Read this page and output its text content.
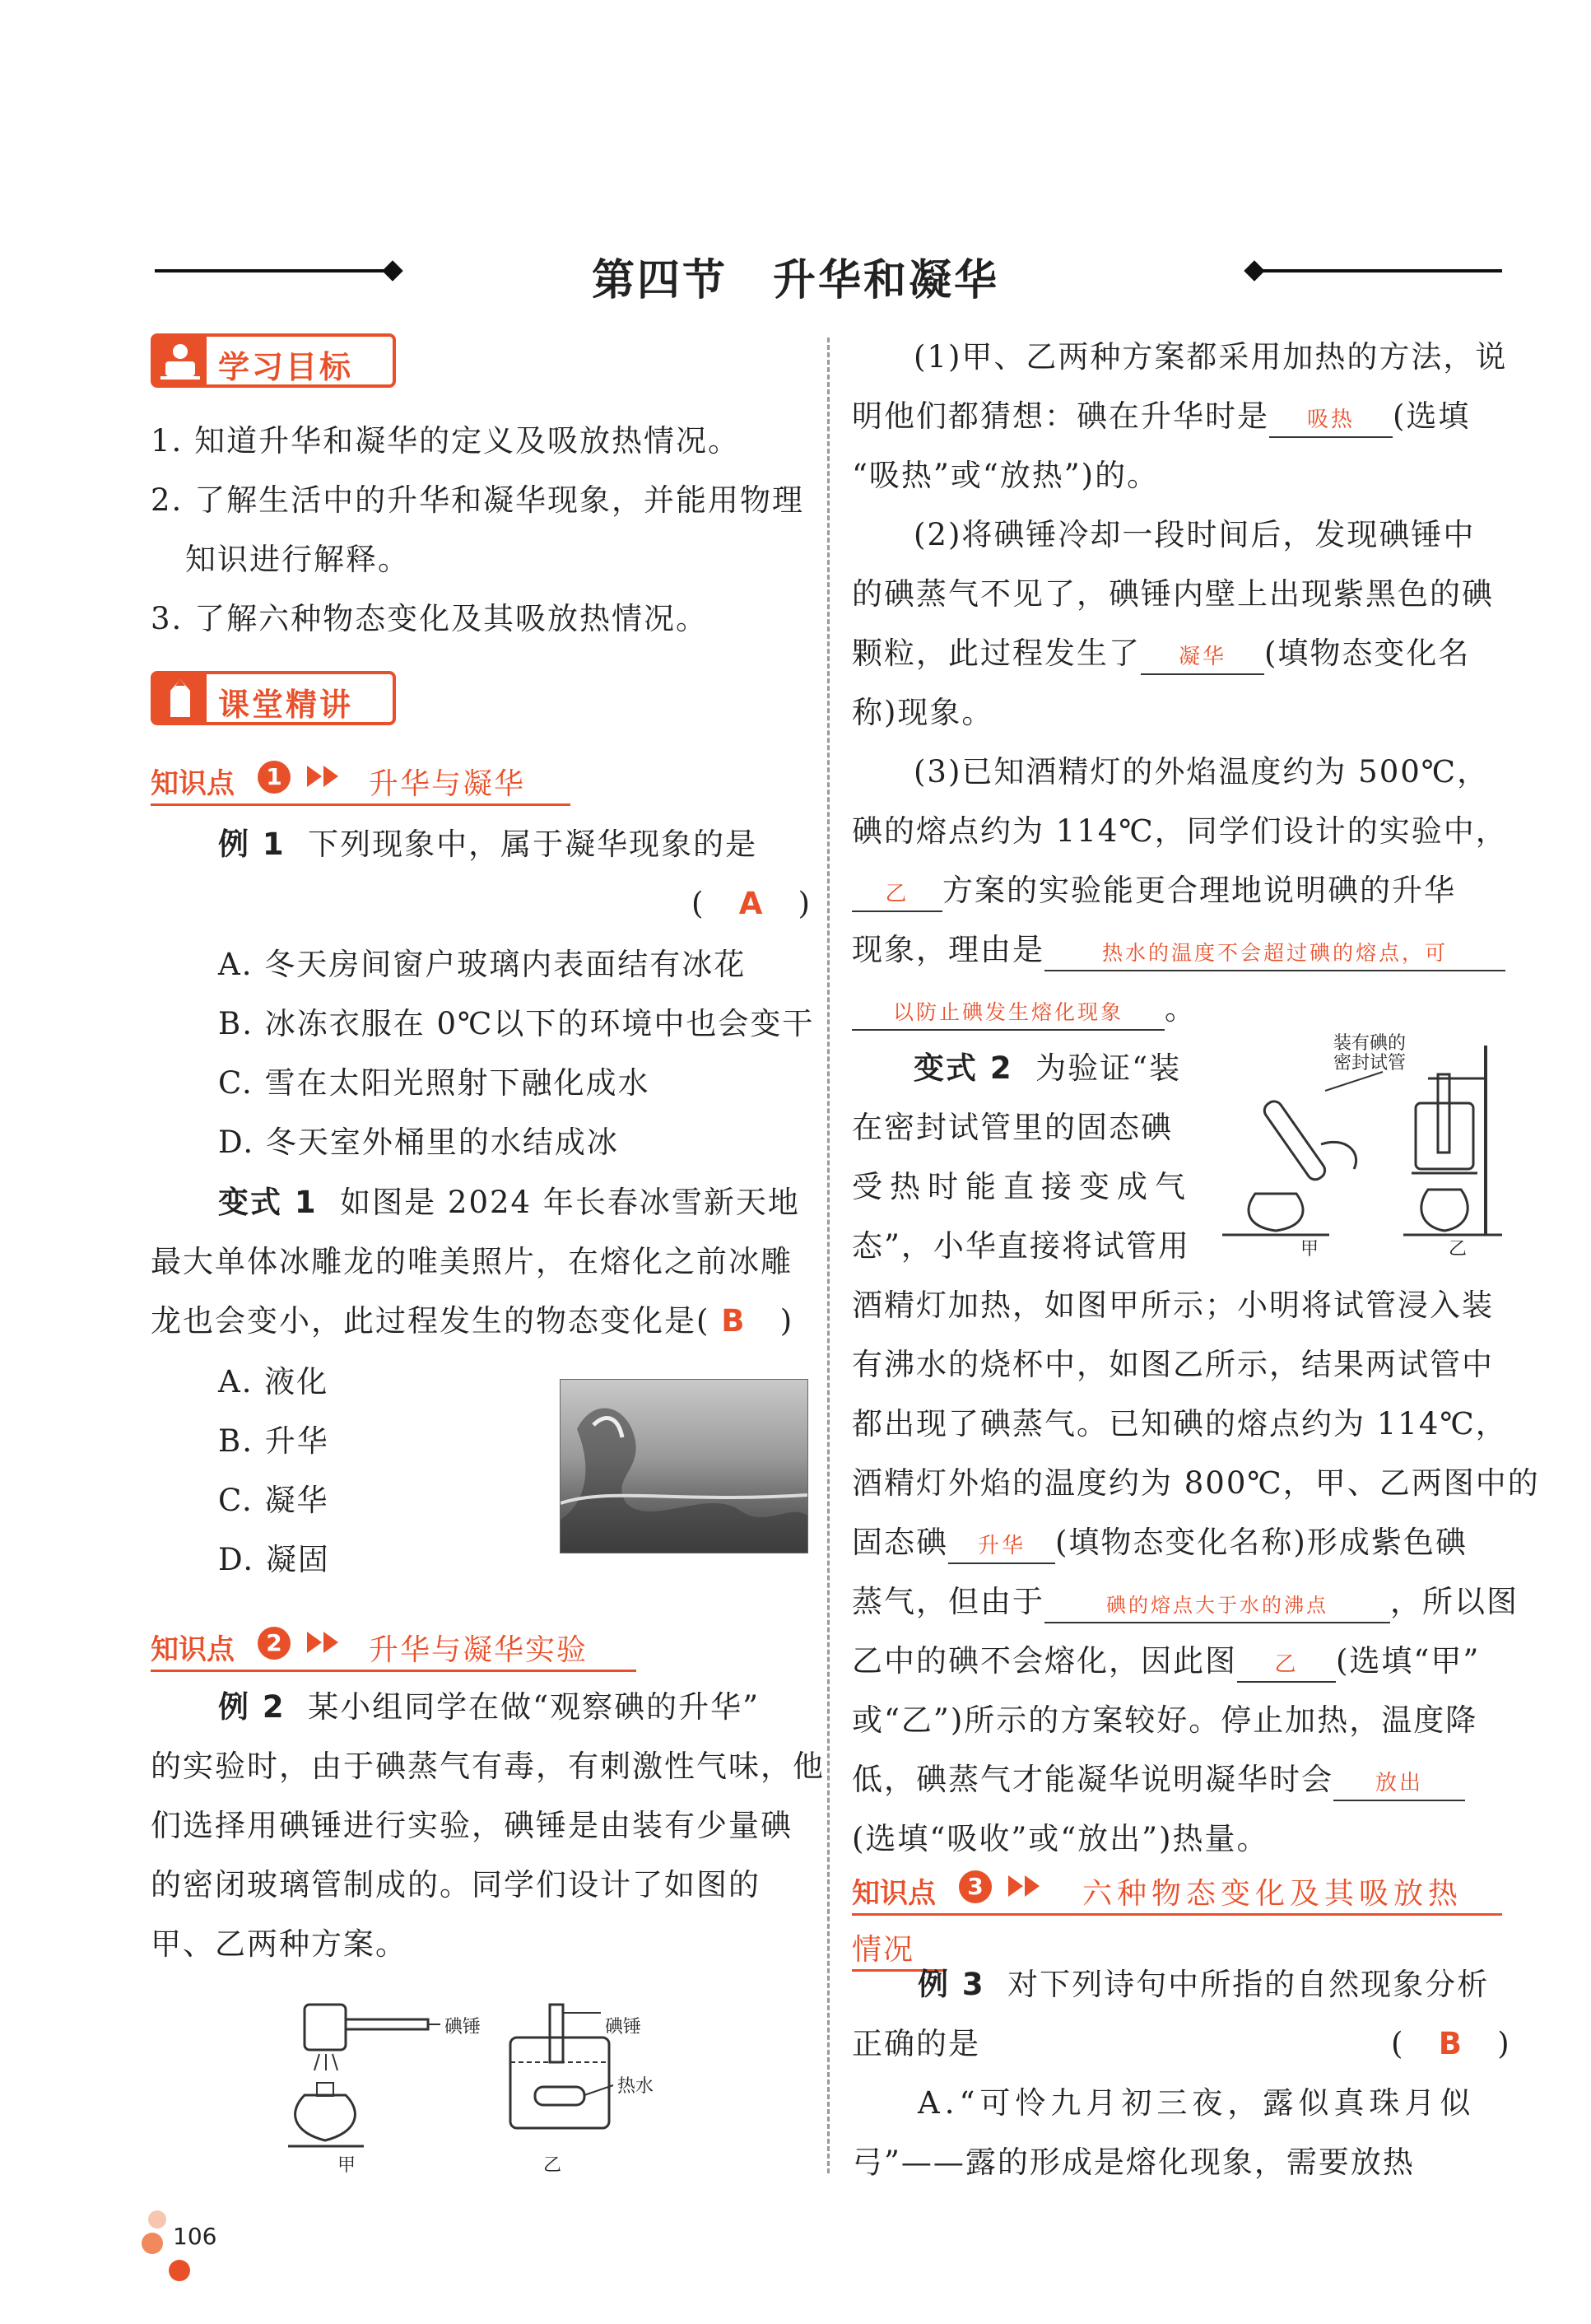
第四节　升华和凝华
学习目标
1. 知道升华和凝华的定义及吸放热情况。
2. 了解生活中的升华和凝华现象，并能用物理
知识进行解释。
3. 了解六种物态变化及其吸放热情况。
课堂精讲
知识点	1	升华与凝华
例 1 下列现象中，属于凝华现象的是
(   A   )
A. 冬天房间窗户玻璃内表面结有冰花
B. 冰冻衣服在 0℃以下的环境中也会变干
C. 雪在太阳光照射下融化成水
D. 冬天室外桶里的水结成冰
变式 1 如图是 2024 年长春冰雪新天地
最大单体冰雕龙的唯美照片，在熔化之前冰雕
龙也会变小，此过程发生的物态变化是( B   )
A. 液化
B. 升华
C. 凝华
D. 凝固
知识点	2	升华与凝华实验
例 2 某小组同学在做“观察碘的升华”
的实验时，由于碘蒸气有毒，有刺激性气味，他
们选择用碘锤进行实验，碘锤是由装有少量碘
的密闭玻璃管制成的。同学们设计了如图的
甲、乙两种方案。
碘锤	碘锤
热水
甲	乙
(1)甲、乙两种方案都采用加热的方法，说
明他们都猜想：碘在升华时是 吸热 (选填
“吸热”或“放热”)的。
(2)将碘锤冷却一段时间后，发现碘锤中
的碘蒸气不见了，碘锤内壁上出现紫黑色的碘
颗粒，此过程发生了 凝华 (填物态变化名
称)现象。
(3)已知酒精灯的外焰温度约为 500℃，
碘的熔点约为 114℃，同学们设计的实验中，
乙 方案的实验能更合理地说明碘的升华
现象，理由是	热水的温度不会超过碘的熔点，可
以防止碘发生熔化现象 。
变式 2 为验证“装
在密封试管里的固态碘
受热时能直接变成气
态”，小华直接将试管用
装有碘的
密封试管
甲	乙
酒精灯加热，如图甲所示；小明将试管浸入装
有沸水的烧杯中，如图乙所示，结果两试管中
都出现了碘蒸气。已知碘的熔点约为 114℃，
酒精灯外焰的温度约为 800℃，甲、乙两图中的
固态碘 升华 (填物态变化名称)形成紫色碘
蒸气，但由于	碘的熔点大于水的沸点 ，所以图
乙中的碘不会熔化，因此图 乙 (选填“甲”
或“乙”)所示的方案较好。停止加热，温度降
低，碘蒸气才能凝华说明凝华时会 放出
(选填“吸收”或“放出”)热量。
知识点	3	六种物态变化及其吸放热
情况
例 3 对下列诗句中所指的自然现象分析
正确的是	(   B   )
A.“可怜九月初三夜，露似真珠月似
弓”——露的形成是熔化现象，需要放热
106
